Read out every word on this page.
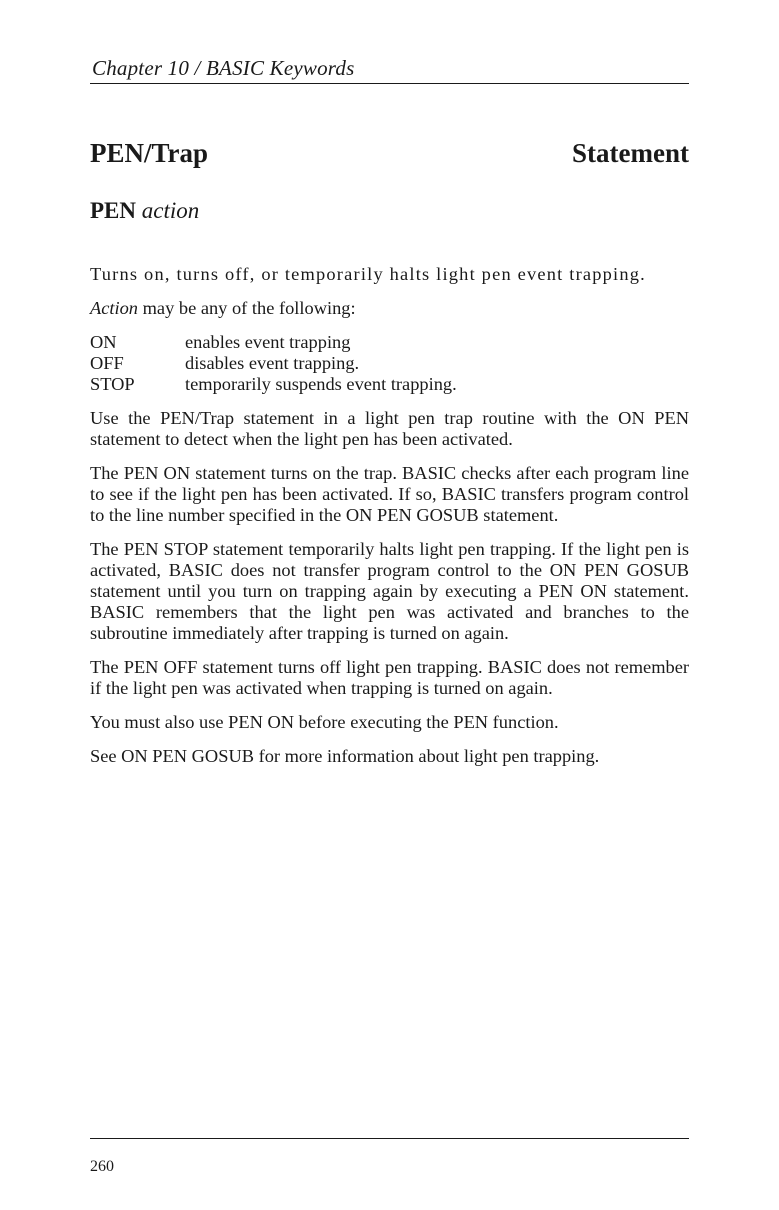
Chapter 10 / BASIC Keywords
PEN/Trap	Statement
PEN action

Turns on, turns off, or temporarily halts light pen event trapping.

Action may be any of the following:

ON	enables event trapping
OFF	disables event trapping.
STOP	temporarily suspends event trapping.

Use the PEN/Trap statement in a light pen trap routine with the ON PEN statement to detect when the light pen has been activated.

The PEN ON statement turns on the trap. BASIC checks after each program line to see if the light pen has been activated. If so, BASIC transfers program control to the line number specified in the ON PEN GOSUB statement.

The PEN STOP statement temporarily halts light pen trapping. If the light pen is activated, BASIC does not transfer program control to the ON PEN GOSUB statement until you turn on trapping again by executing a PEN ON statement. BASIC remembers that the light pen was activated and branches to the subroutine immediately after trapping is turned on again.

The PEN OFF statement turns off light pen trapping. BASIC does not remember if the light pen was activated when trapping is turned on again.

You must also use PEN ON before executing the PEN function.

See ON PEN GOSUB for more information about light pen trapping.

260
